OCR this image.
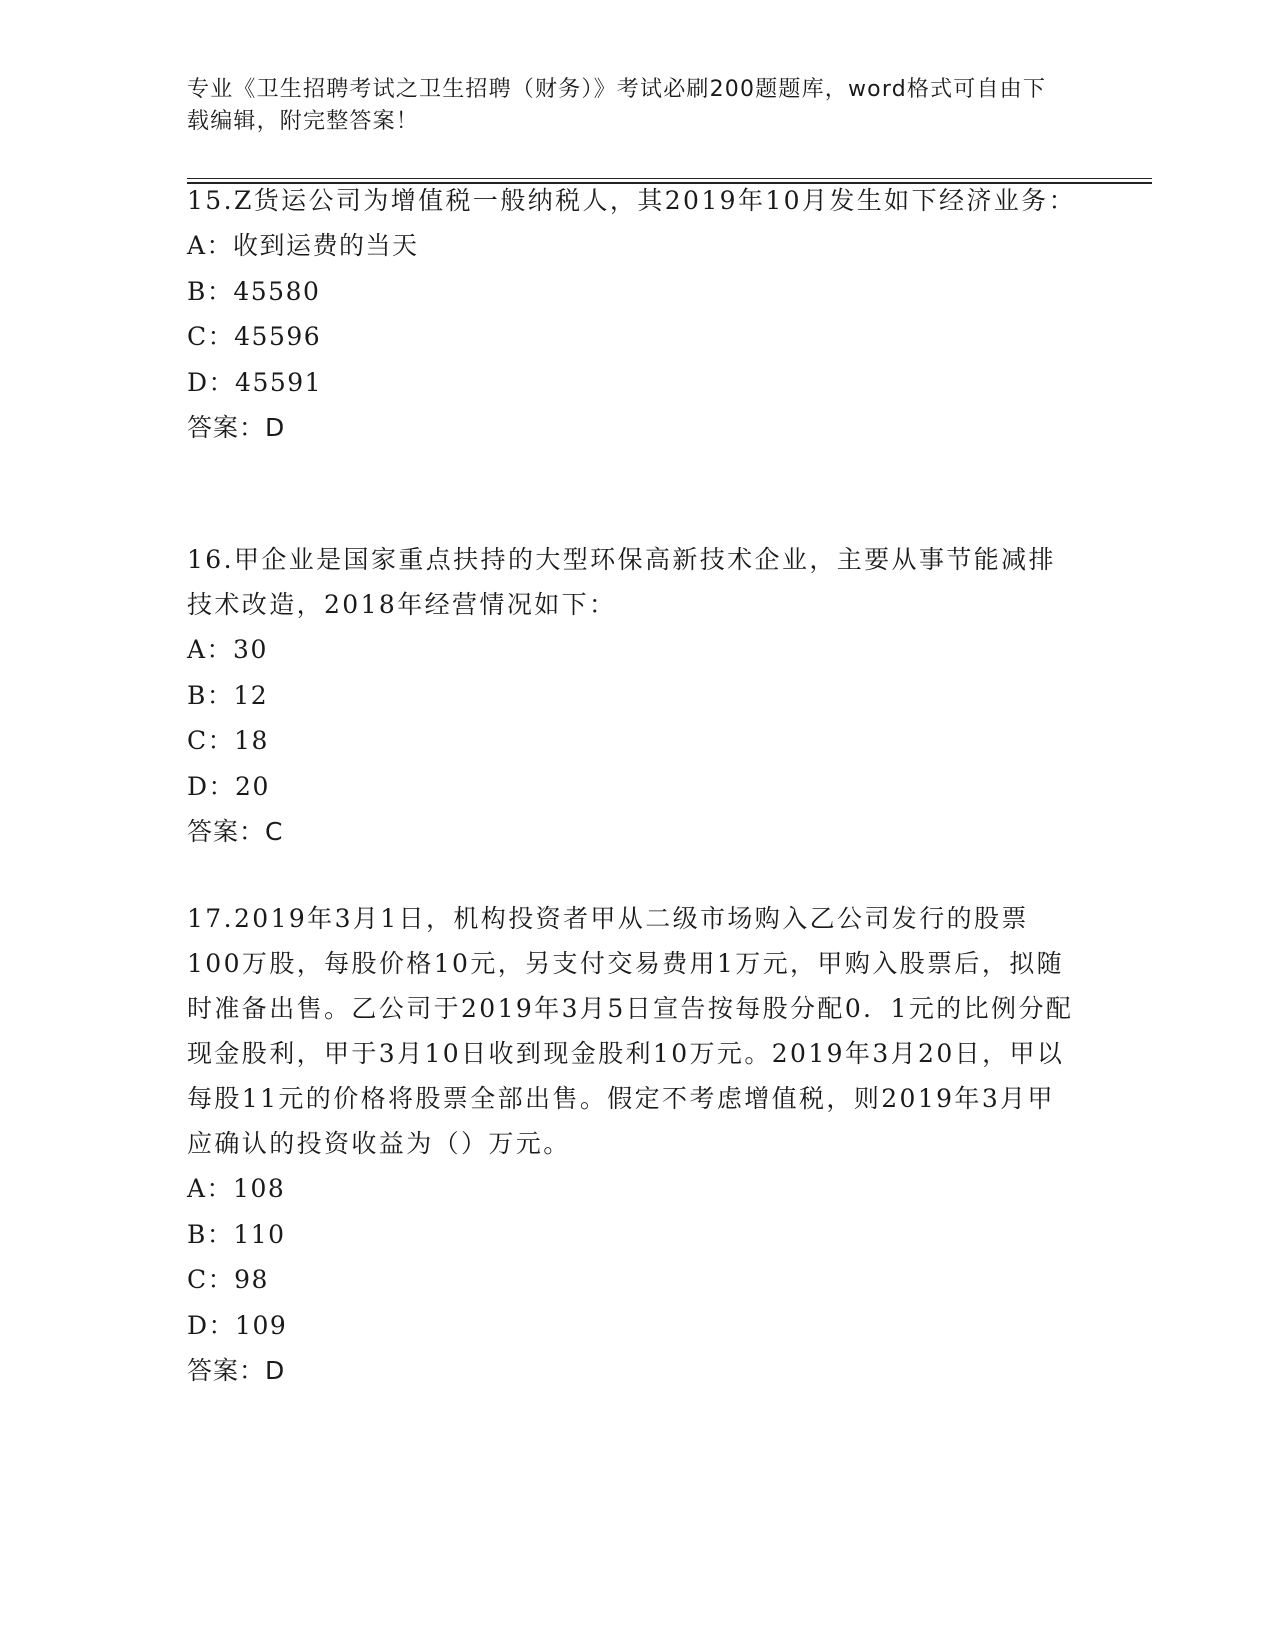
专业《卫生招聘考试之卫生招聘（财务）》考试必刷200题题库，word格式可自由下载编辑，附完整答案！

15.Z货运公司为增值税一般纳税人，其2019年10月发生如下经济业务：

A：收到运费的当天
B：45580
C：45596
D：45591
答案：D

16.甲企业是国家重点扶持的大型环保高新技术企业，主要从事节能减排技术改造，2018年经营情况如下：

A：30
B：12
C：18
D：20
答案：C

17.2019年3月1日，机构投资者甲从二级市场购入乙公司发行的股票100万股，每股价格10元，另支付交易费用1万元，甲购入股票后，拟随时准备出售。乙公司于2019年3月5日宣告按每股分配0．1元的比例分配现金股利，甲于3月10日收到现金股利10万元。2019年3月20日，甲以每股11元的价格将股票全部出售。假定不考虑增值税，则2019年3月甲应确认的投资收益为（）万元。

A：108
B：110
C：98
D：109
答案：D
